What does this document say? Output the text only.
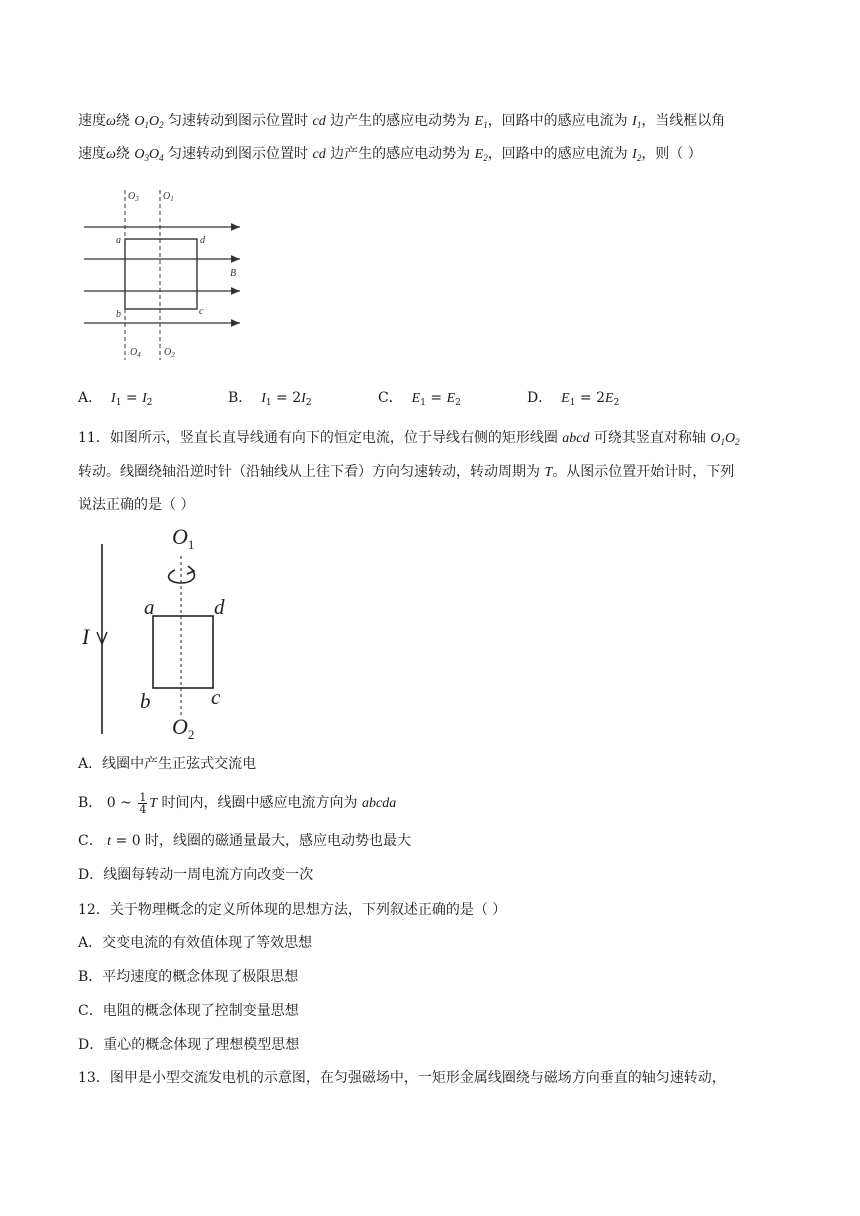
速度ω绕 $O_1O_2$ 匀速转动到图示位置时 cd 边产生的感应电动势为 $E_1$，回路中的感应电流为 $I_1$，当线框以角
速度ω绕 $O_3O_4$ 匀速转动到图示位置时 cd 边产生的感应电动势为 $E_2$，回路中的感应电流为 $I_2$，则（ ）
$O_3$ $O_1$
$O_4$ $O_2$
a	d
b	c
B
A． $I_1 = I_2$	B． $I_1 = 2I_2$	C． $E_1 = E_2$	D． $E_1 = 2E_2$
11．如图所示，竖直长直导线通有向下的恒定电流，位于导线右侧的矩形线圈 abcd 可绕其竖直对称轴 $O_1O_2$
转动。线圈绕轴沿逆时针（沿轴线从上往下看）方向匀速转动，转动周期为 T。从图示位置开始计时，下列
说法正确的是（ ）
I
$O_1$
$O_2$
a	d
b	c
A．线圈中产生正弦式交流电
B． 0 ~ $\frac{1}{4}$ T 时间内，线圈中感应电流方向为 abcda
C． t = 0 时，线圈的磁通量最大，感应电动势也最大
D．线圈每转动一周电流方向改变一次
12．关于物理概念的定义所体现的思想方法，下列叙述正确的是（ ）
A．交变电流的有效值体现了等效思想
B．平均速度的概念体现了极限思想
C．电阻的概念体现了控制变量思想
D．重心的概念体现了理想模型思想
13．图甲是小型交流发电机的示意图，在匀强磁场中，一矩形金属线圈绕与磁场方向垂直的轴匀速转动，
